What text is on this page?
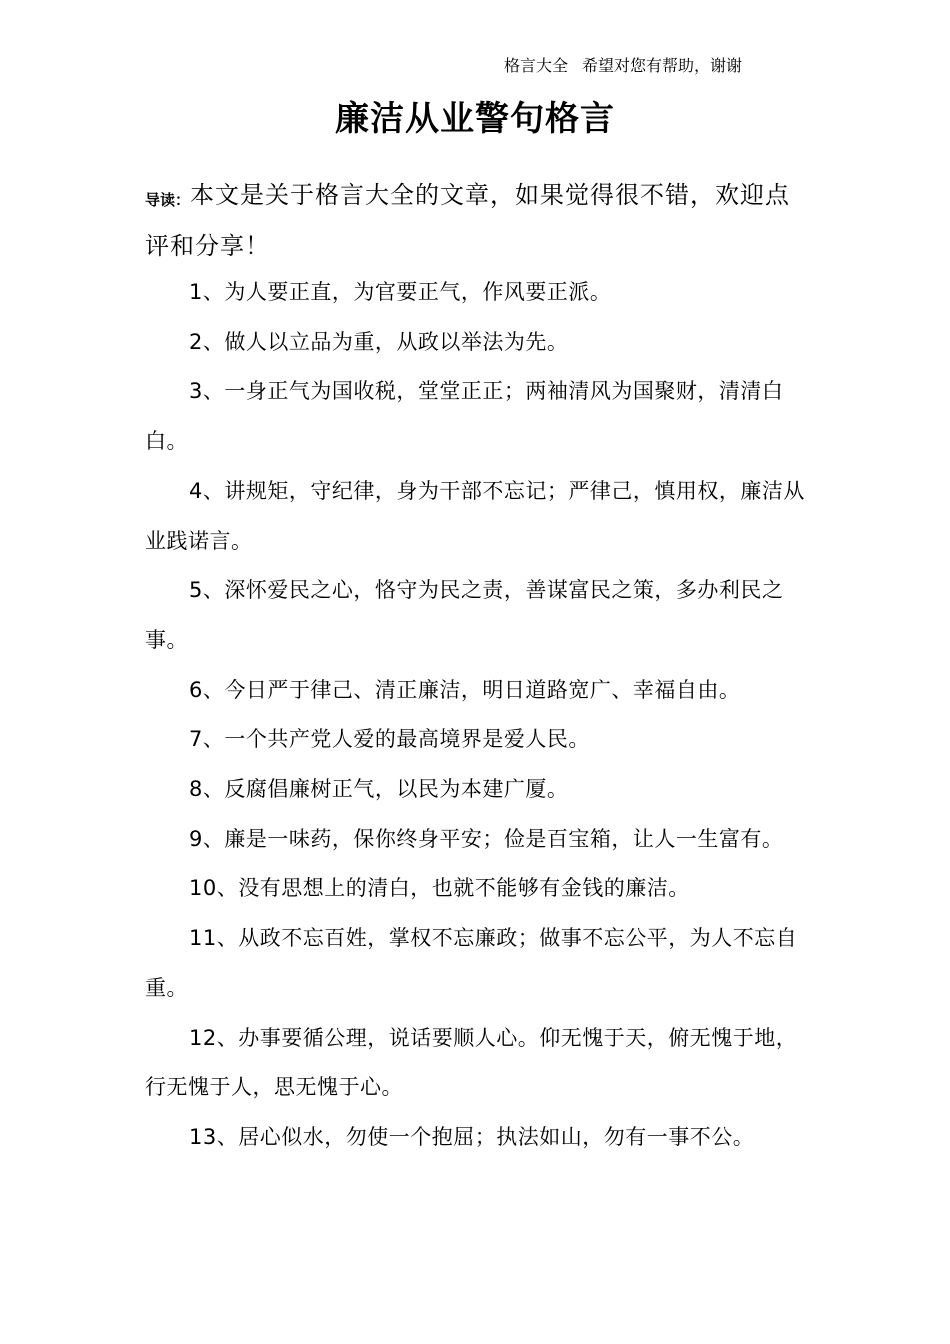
格言大全 希望对您有帮助，谢谢
廉洁从业警句格言
导读：本文是关于格言大全的文章，如果觉得很不错，欢迎点评和分享！

1、为人要正直，为官要正气，作风要正派。

2、做人以立品为重，从政以举法为先。

3、一身正气为国收税，堂堂正正；两袖清风为国聚财，清清白白。

4、讲规矩，守纪律，身为干部不忘记；严律己，慎用权，廉洁从业践诺言。

5、深怀爱民之心，恪守为民之责，善谋富民之策，多办利民之事。

6、今日严于律己、清正廉洁，明日道路宽广、幸福自由。

7、一个共产党人爱的最高境界是爱人民。

8、反腐倡廉树正气，以民为本建广厦。

9、廉是一味药，保你终身平安；俭是百宝箱，让人一生富有。

10、没有思想上的清白，也就不能够有金钱的廉洁。

11、从政不忘百姓，掌权不忘廉政；做事不忘公平，为人不忘自重。

12、办事要循公理，说话要顺人心。仰无愧于天，俯无愧于地，行无愧于人，思无愧于心。

13、居心似水，勿使一个抱屈；执法如山，勿有一事不公。
